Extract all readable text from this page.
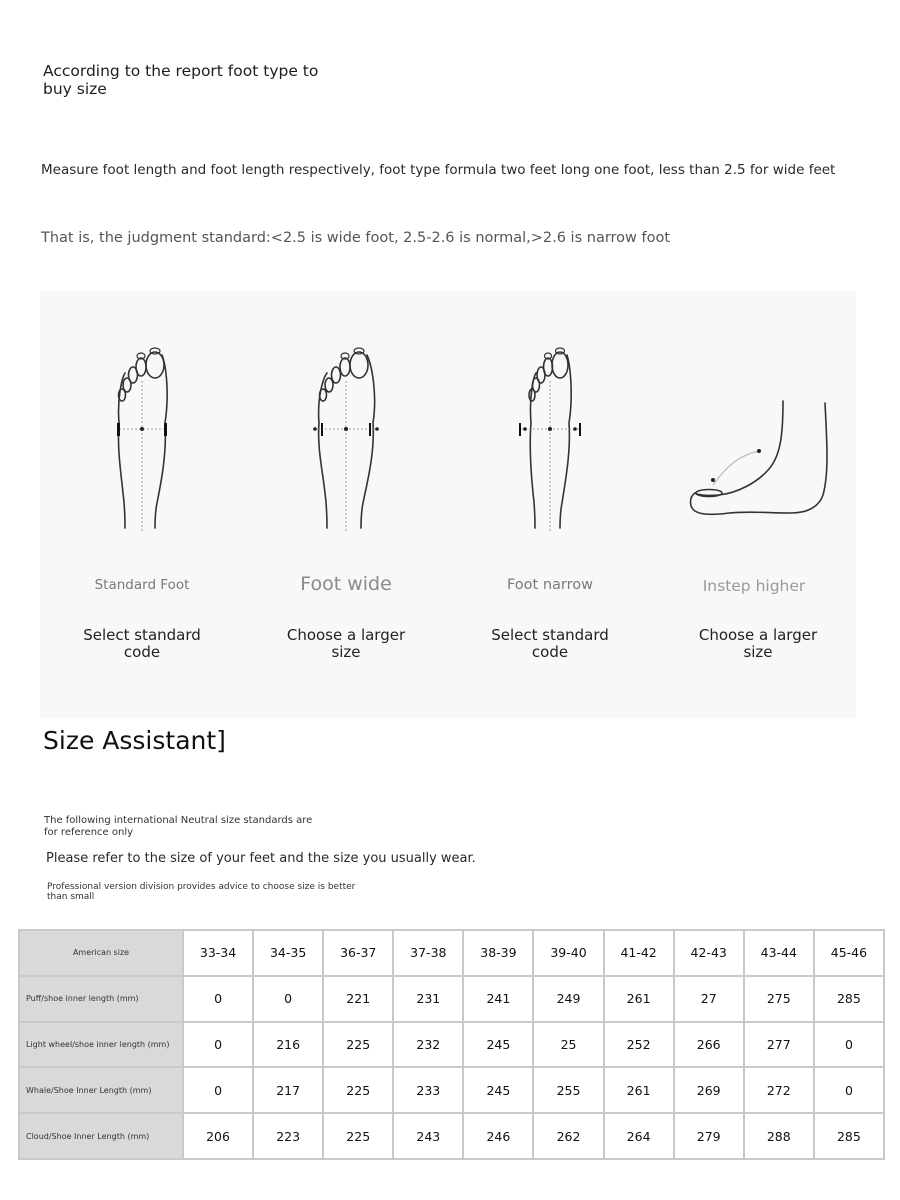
According to the report foot type to buy size
Measure foot length and foot length respectively, foot type formula two feet long one foot, less than 2.5 for wide feet
That is, the judgment standard:<2.5 is wide foot, 2.5-2.6 is normal,>2.6 is narrow foot
Standard Foot
Select standard code
Foot wide
Choose a larger size
Foot narrow
Select standard code
Instep higher
Choose a larger size
Size Assistant]
The following international Neutral size standards are for reference only
Please refer to the size of your feet and the size you usually wear.
Professional version division provides advice to choose size is better than small
American size	33-34	34-35	36-37	37-38	38-39	39-40	41-42	42-43	43-44	45-46
Puff/shoe inner length (mm)	0	0	221	231	241	249	261	27	275	285
Light wheel/shoe inner length (mm)	0	216	225	232	245	25	252	266	277	0
Whale/Shoe Inner Length (mm)	0	217	225	233	245	255	261	269	272	0
Cloud/Shoe Inner Length (mm)	206	223	225	243	246	262	264	279	288	285
